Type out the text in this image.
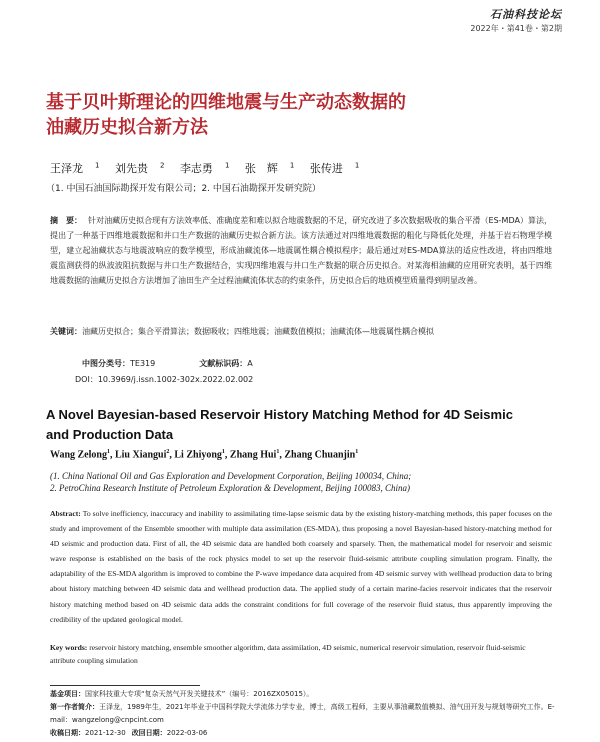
石油科技论坛
2022年・第41卷・第2期
基于贝叶斯理论的四维地震与生产动态数据的
油藏历史拟合新方法
王泽龙 $^1$ 刘先贵 $^2$ 李志勇 $^1$ 张　辉 $^1$ 张传进 $^1$
（1. 中国石油国际勘探开发有限公司；2. 中国石油勘探开发研究院）
摘　要： 针对油藏历史拟合现有方法效率低、准确度差和难以拟合地震数据的不足，研究改进了多次数据吸收的集合平滑（ES-MDA）算法，提出了一种基于四维地震数据和井口生产数据的油藏历史拟合新方法。该方法通过对四维地震数据的粗化与降低化处理，并基于岩石物理学模型，建立起油藏状态与地震波响应的数学模型，形成油藏流体—地震属性耦合模拟程序；最后通过对ES-MDA算法的适应性改进，将由四维地震监测获得的纵波波阻抗数据与井口生产数据结合，实现四维地震与井口生产数据的联合历史拟合。对某海相油藏的应用研究表明，基于四维地震数据的油藏历史拟合方法增加了油田生产全过程油藏流体状态的约束条件，历史拟合后的地质模型质量得到明显改善。
关键词：油藏历史拟合；集合平滑算法；数据吸收；四维地震；油藏数值模拟；油藏流体—地震属性耦合模拟
中图分类号：TE319	文献标识码：A
DOI：10.3969/j.issn.1002-302x.2022.02.002
A Novel Bayesian-based Reservoir History Matching Method for 4D Seismic
and Production Data
Wang Zelong$^1$, Liu Xiangui$^2$, Li Zhiyong$^1$, Zhang Hui$^1$, Zhang Chuanjin$^1$
(1. China National Oil and Gas Exploration and Development Corporation, Beijing 100034, China;
2. PetroChina Research Institute of Petroleum Exploration & Development, Beijing 100083, China)
Abstract: To solve inefficiency, inaccuracy and inability to assimilating time-lapse seismic data by the existing history-matching methods, this paper focuses on the study and improvement of the Ensemble smoother with multiple data assimilation (ES-MDA), thus proposing a novel Bayesian-based history-matching method for 4D seismic and production data. First of all, the 4D seismic data are handled both coarsely and sparsely. Then, the mathematical model for reservoir and seismic wave response is established on the basis of the rock physics model to set up the reservoir fluid-seismic attribute coupling simulation program. Finally, the adaptability of the ES-MDA algorithm is improved to combine the P-wave impedance data acquired from 4D seismic survey with wellhead production data to bring about history matching between 4D seismic data and wellhead production data. The applied study of a certain marine-facies reservoir indicates that the reservoir history matching method based on 4D seismic data adds the constraint conditions for full coverage of the reservoir fluid status, thus apparently improving the credibility of the updated geological model.
Key words: reservoir history matching, ensemble smoother algorithm, data assimilation, 4D seismic, numerical reservoir simulation, reservoir fluid-seismic attribute coupling simulation
基金项目：国家科技重大专项“复杂天然气开发关键技术”（编号：2016ZX05015）。
第一作者简介：王泽龙，1989年生，2021年毕业于中国科学院大学流体力学专业，博士，高级工程师，主要从事油藏数值模拟、油气田开发与规划等研究工作。E-mail：wangzelong@cnpcint.com
收稿日期：2021-12-30 改回日期：2022-03-06
